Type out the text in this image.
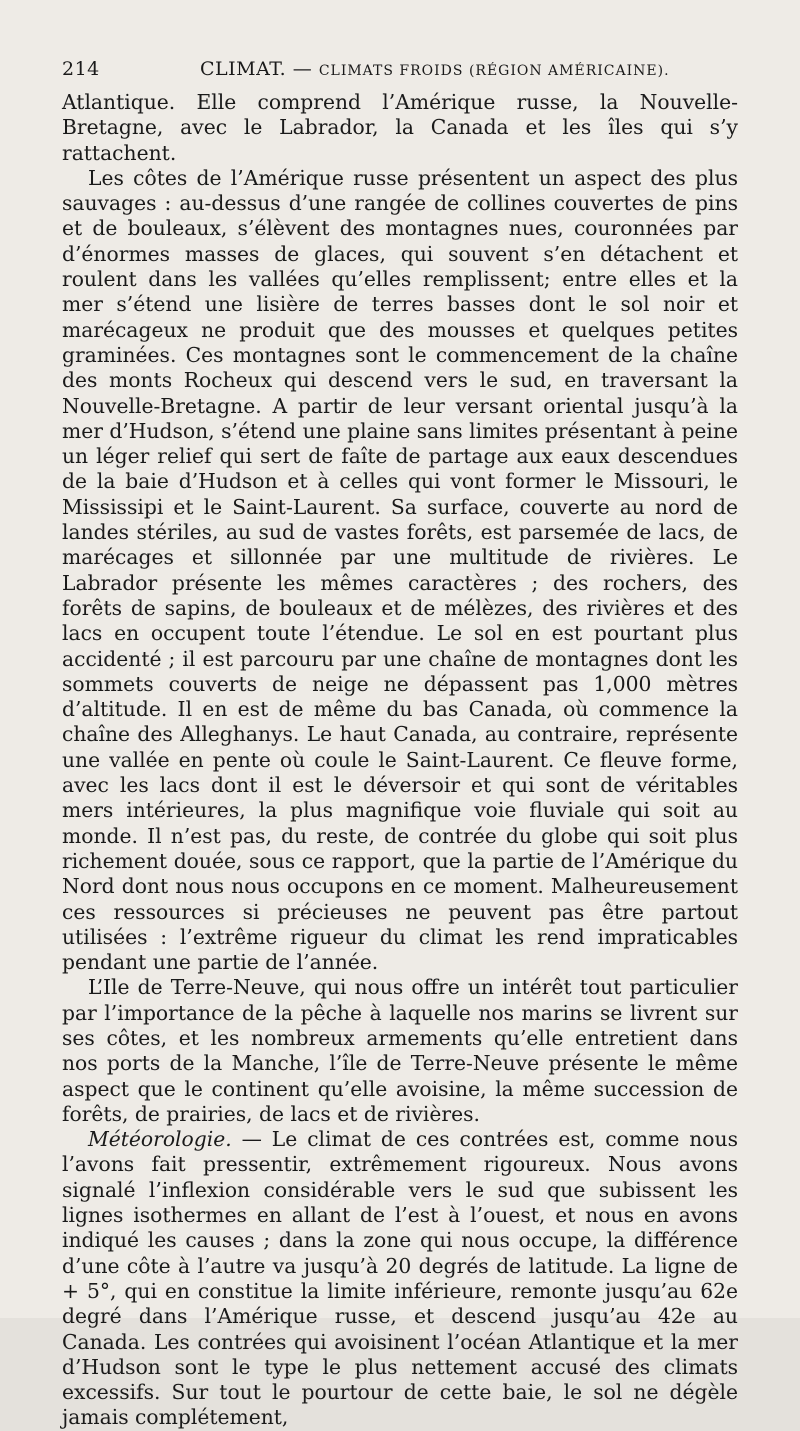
214	CLIMAT. — CLIMATS FROIDS (RÉGION AMÉRICAINE).

Atlantique. Elle comprend l’Amérique russe, la Nouvelle-Bretagne, avec le Labrador, la Canada et les îles qui s’y rattachent.

Les côtes de l’Amérique russe présentent un aspect des plus sauvages : au-dessus d’une rangée de collines couvertes de pins et de bouleaux, s’élèvent des montagnes nues, couronnées par d’énormes masses de glaces, qui souvent s’en détachent et roulent dans les vallées qu’elles remplissent; entre elles et la mer s’étend une lisière de terres basses dont le sol noir et marécageux ne produit que des mousses et quelques petites graminées. Ces montagnes sont le commencement de la chaîne des monts Rocheux qui descend vers le sud, en traversant la Nouvelle-Bretagne. A partir de leur versant oriental jusqu’à la mer d’Hudson, s’étend une plaine sans limites présentant à peine un léger relief qui sert de faîte de partage aux eaux descendues de la baie d’Hudson et à celles qui vont former le Missouri, le Mississipi et le Saint-Laurent. Sa surface, couverte au nord de landes stériles, au sud de vastes forêts, est parsemée de lacs, de marécages et sillonnée par une multitude de rivières. Le Labrador présente les mêmes caractères ; des rochers, des forêts de sapins, de bouleaux et de mélèzes, des rivières et des lacs en occupent toute l’étendue. Le sol en est pourtant plus accidenté ; il est parcouru par une chaîne de montagnes dont les sommets couverts de neige ne dépassent pas 1,000 mètres d’altitude. Il en est de même du bas Canada, où commence la chaîne des Alleghanys. Le haut Canada, au contraire, représente une vallée en pente où coule le Saint-Laurent. Ce fleuve forme, avec les lacs dont il est le déversoir et qui sont de véritables mers intérieures, la plus magnifique voie fluviale qui soit au monde. Il n’est pas, du reste, de contrée du globe qui soit plus richement douée, sous ce rapport, que la partie de l’Amérique du Nord dont nous nous occupons en ce moment. Malheureusement ces ressources si précieuses ne peuvent pas être partout utilisées : l’extrême rigueur du climat les rend impraticables pendant une partie de l’année.

L’Ile de Terre-Neuve, qui nous offre un intérêt tout particulier par l’importance de la pêche à laquelle nos marins se livrent sur ses côtes, et les nombreux armements qu’elle entretient dans nos ports de la Manche, l’île de Terre-Neuve présente le même aspect que le continent qu’elle avoisine, la même succession de forêts, de prairies, de lacs et de rivières.

Météorologie. — Le climat de ces contrées est, comme nous l’avons fait pressentir, extrêmement rigoureux. Nous avons signalé l’inflexion considérable vers le sud que subissent les lignes isothermes en allant de l’est à l’ouest, et nous en avons indiqué les causes ; dans la zone qui nous occupe, la différence d’une côte à l’autre va jusqu’à 20 degrés de latitude. La ligne de + 5°, qui en constitue la limite inférieure, remonte jusqu’au 62e degré dans l’Amérique russe, et descend jusqu’au 42e au Canada. Les contrées qui avoisinent l’océan Atlantique et la mer d’Hudson sont le type le plus nettement accusé des climats excessifs. Sur tout le pourtour de cette baie, le sol ne dégèle jamais complétement,
